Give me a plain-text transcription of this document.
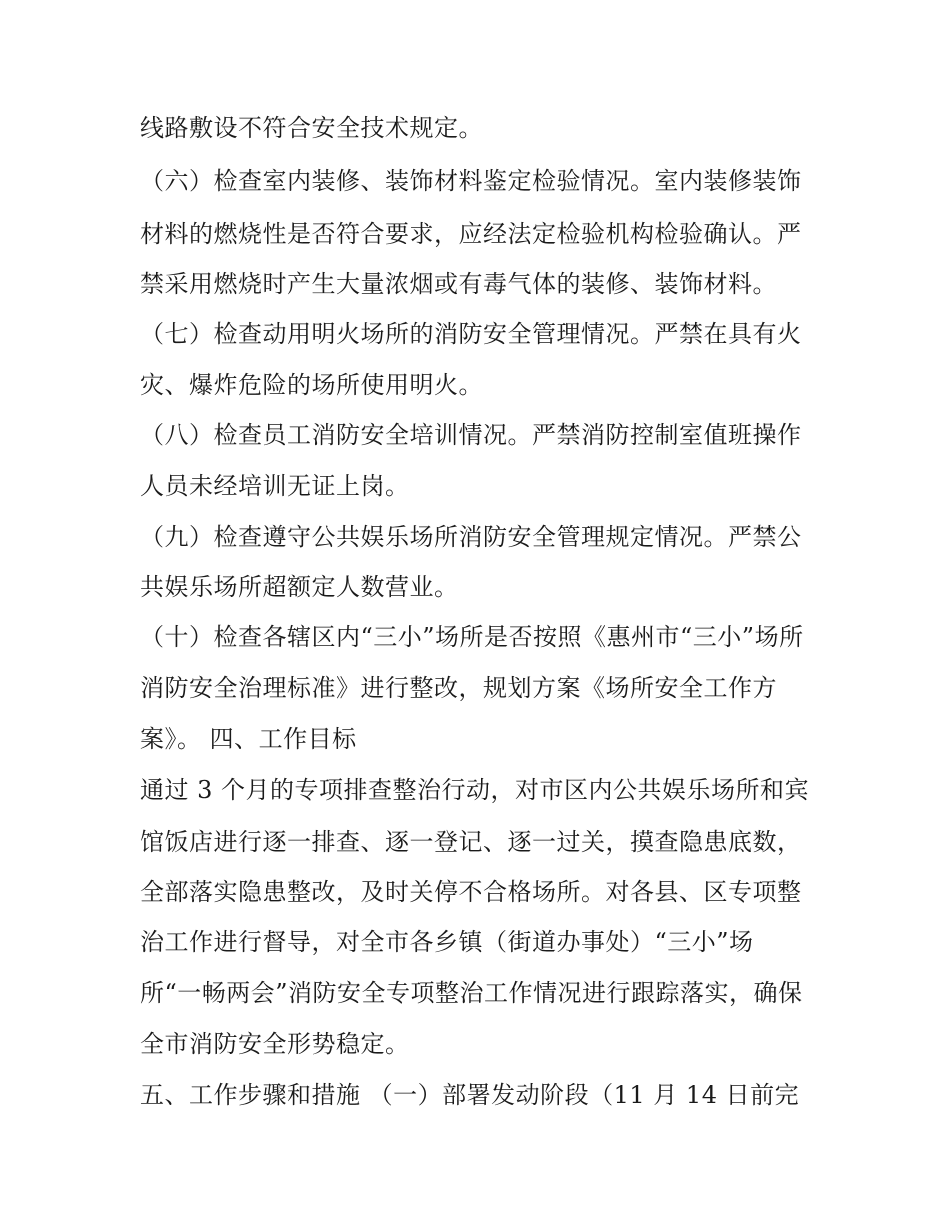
线路敷设不符合安全技术规定。
（六）检查室内装修、装饰材料鉴定检验情况。室内装修装饰
材料的燃烧性是否符合要求，应经法定检验机构检验确认。严
禁采用燃烧时产生大量浓烟或有毒气体的装修、装饰材料。
（七）检查动用明火场所的消防安全管理情况。严禁在具有火
灾、爆炸危险的场所使用明火。
（八）检查员工消防安全培训情况。严禁消防控制室值班操作
人员未经培训无证上岗。
（九）检查遵守公共娱乐场所消防安全管理规定情况。严禁公
共娱乐场所超额定人数营业。
（十）检查各辖区内“三小”场所是否按照《惠州市“三小”场所
消防安全治理标准》进行整改，规划方案《场所安全工作方
案》。 四、工作目标
通过 3 个月的专项排查整治行动，对市区内公共娱乐场所和宾
馆饭店进行逐一排查、逐一登记、逐一过关，摸查隐患底数，
全部落实隐患整改，及时关停不合格场所。对各县、区专项整
治工作进行督导，对全市各乡镇（街道办事处）“三小”场
所“一畅两会”消防安全专项整治工作情况进行跟踪落实，确保
全市消防安全形势稳定。
五、工作步骤和措施 （一）部署发动阶段（11 月 14 日前完
